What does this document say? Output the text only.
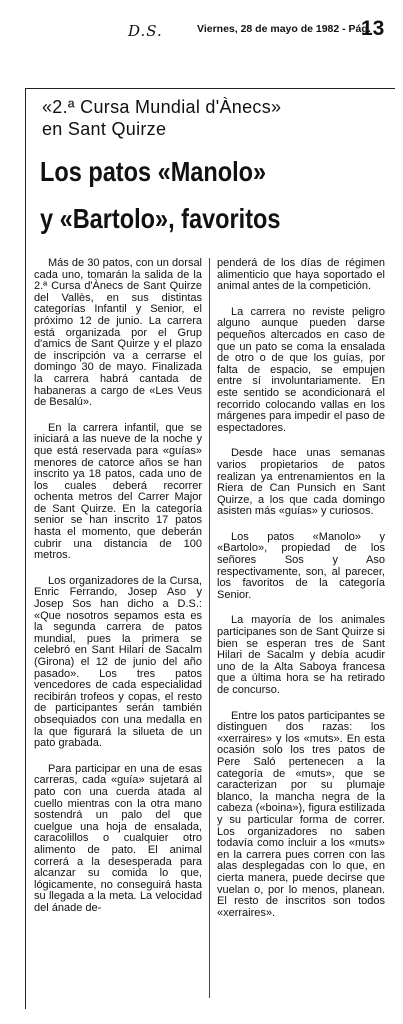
D.S.	Viernes, 28 de mayo de 1982 - Pág.
13
«2.ª Cursa Mundial d'Ànecs»
en Sant Quirze
Los patos «Manolo»
y «Bartolo», favoritos

Más de 30 patos, con un dorsal cada uno, tomarán la salida de la 2.ª Cursa d'Ànecs de Sant Quirze del Vallès, en sus distintas categorías Infantil y Senior, el próximo 12 de junio. La carrera está organizada por el Grup d'amics de Sant Quirze y el plazo de inscripción va a cerrarse el domingo 30 de mayo. Finalizada la carrera habrá cantada de habaneras a cargo de «Les Veus de Besalú».

En la carrera infantil, que se iniciará a las nueve de la noche y que está reservada para «guías» menores de catorce años se han inscrito ya 18 patos, cada uno de los cuales deberá recorrer ochenta metros del Carrer Major de Sant Quirze. En la categoría senior se han inscrito 17 patos hasta el momento, que deberán cubrir una distancia de 100 metros.

Los organizadores de la Cursa, Enric Ferrando, Josep Aso y Josep Sos han dicho a D.S.: «Que nosotros sepamos esta es la segunda carrera de patos mundial, pues la primera se celebró en Sant Hilari de Sacalm (Girona) el 12 de junio del año pasado». Los tres patos vencedores de cada especialidad recibirán trofeos y copas, el resto de participantes serán también obsequiados con una medalla en la que figurará la silueta de un pato grabada.

Para participar en una de esas carreras, cada «guía» sujetará al pato con una cuerda atada al cuello mientras con la otra mano sostendrá un palo del que cuelgue una hoja de ensalada, caracolillos o cualquier otro alimento de pato. El animal correrá a la desesperada para alcanzar su comida lo que, lógicamente, no conseguirá hasta su llegada a la meta. La velocidad del ánade de-

penderá de los días de régimen alimenticio que haya soportado el animal antes de la competición.

La carrera no reviste peligro alguno aunque pueden darse pequeños altercados en caso de que un pato se coma la ensalada de otro o de que los guías, por falta de espacio, se empujen entre sí involuntariamente. En este sentido se acondicionará el recorrido colocando vallas en los márgenes para impedir el paso de espectadores.

Desde hace unas semanas varios propietarios de patos realizan ya entrenamientos en la Riera de Can Punsich en Sant Quirze, a los que cada domingo asisten más «guías» y curiosos.

Los patos «Manolo» y «Bartolo», propiedad de los señores Sos y Aso respectivamente, son, al parecer, los favoritos de la categoría Senior.

La mayoría de los animales participanes son de Sant Quirze si bien se esperan tres de Sant Hilari de Sacalm y debía acudir uno de la Alta Saboya francesa que a última hora se ha retirado de concurso.

Entre los patos participantes se distinguen dos razas: los «xerraires» y los «muts». En esta ocasión solo los tres patos de Pere Saló pertenecen a la categoría de «muts», que se caracterizan por su plumaje blanco, la mancha negra de la cabeza («boina»), figura estilizada y su particular forma de correr. Los organizadores no saben todavía como incluir a los «muts» en la carrera pues corren con las alas desplegadas con lo que, en cierta manera, puede decirse que vuelan o, por lo menos, planean. El resto de inscritos son todos «xerraires».
